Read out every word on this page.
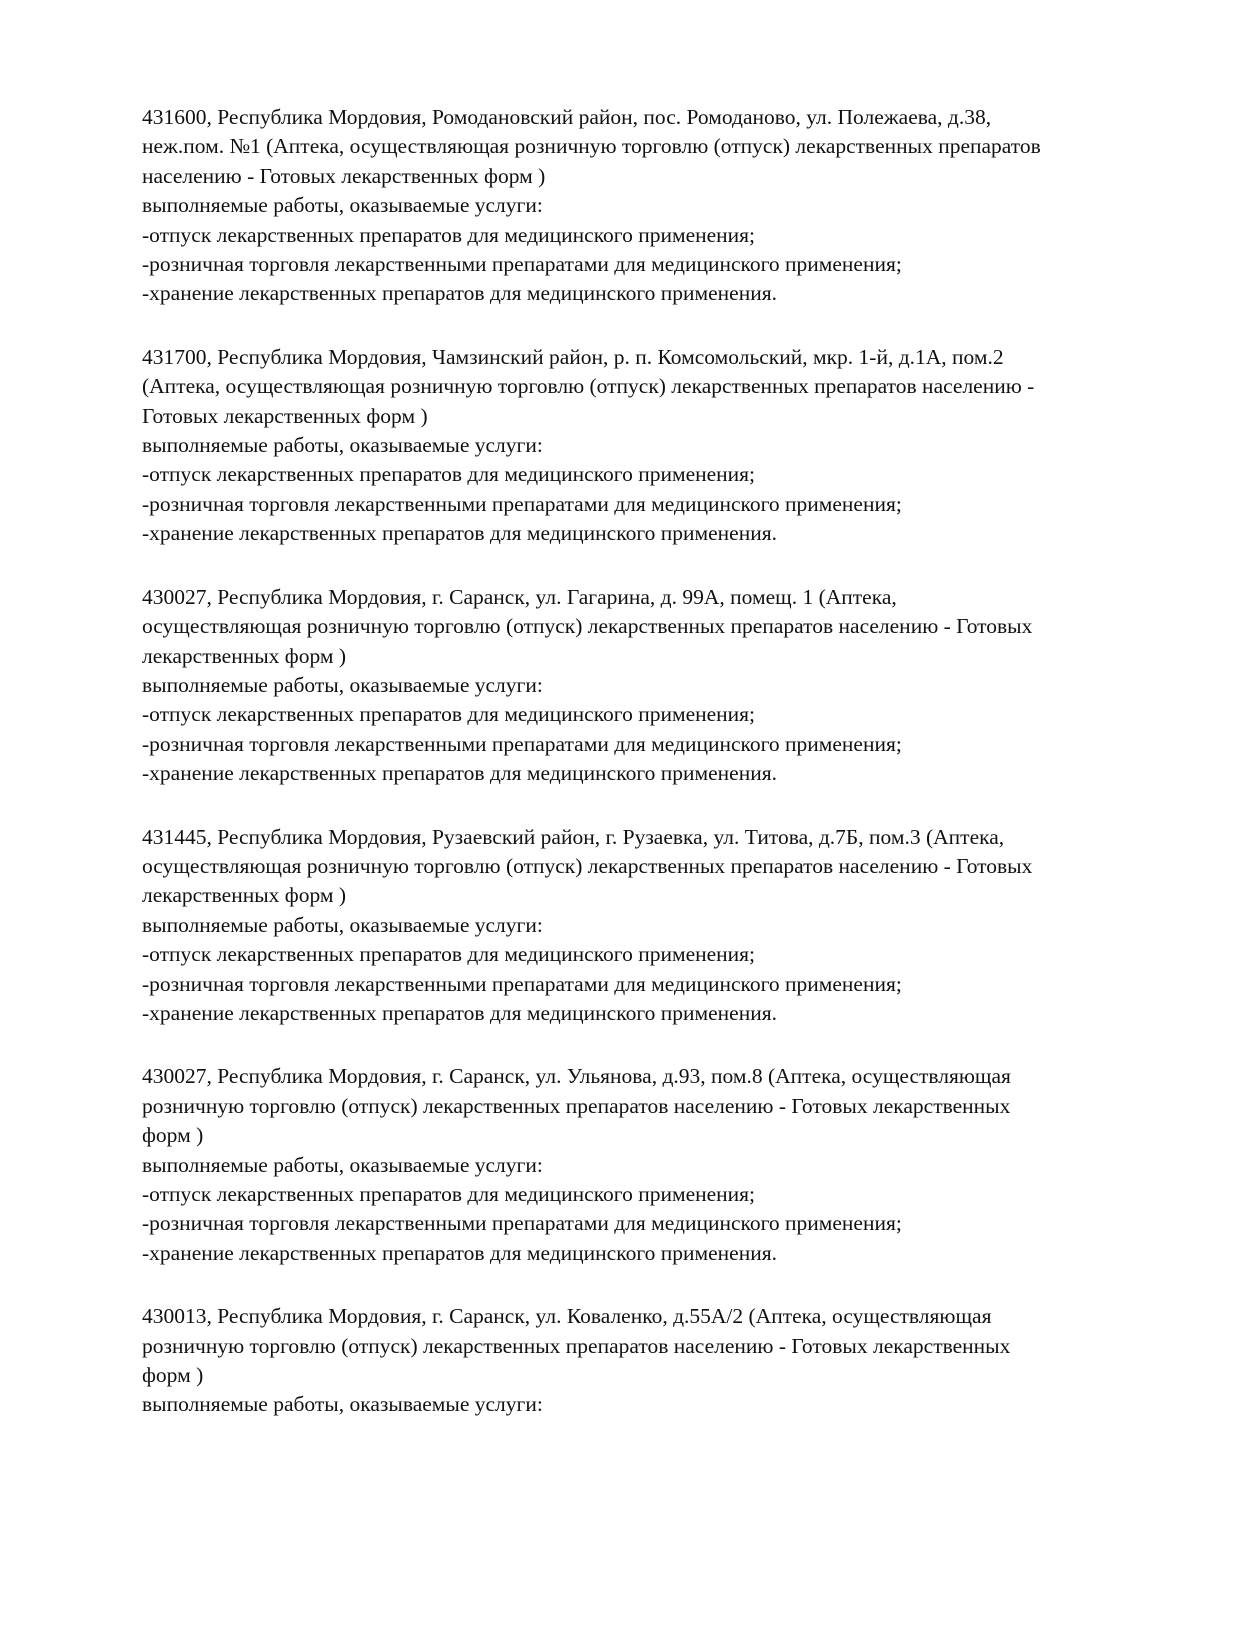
431600, Республика Мордовия, Ромодановский район, пос. Ромоданово, ул. Полежаева, д.38,
неж.пом. №1 (Аптека, осуществляющая розничную торговлю (отпуск) лекарственных препаратов
населению - Готовых лекарственных форм )
выполняемые работы, оказываемые услуги:
-отпуск лекарственных препаратов для медицинского применения;
-розничная торговля лекарственными препаратами для медицинского применения;
-хранение лекарственных препаратов для медицинского применения.
431700, Республика Мордовия, Чамзинский район, р. п. Комсомольский, мкр. 1-й, д.1А, пом.2
(Аптека, осуществляющая розничную торговлю (отпуск) лекарственных препаратов населению -
Готовых лекарственных форм )
выполняемые работы, оказываемые услуги:
-отпуск лекарственных препаратов для медицинского применения;
-розничная торговля лекарственными препаратами для медицинского применения;
-хранение лекарственных препаратов для медицинского применения.
430027, Республика Мордовия, г. Саранск, ул. Гагарина, д. 99А, помещ. 1 (Аптека,
осуществляющая розничную торговлю (отпуск) лекарственных препаратов населению - Готовых
лекарственных форм )
выполняемые работы, оказываемые услуги:
-отпуск лекарственных препаратов для медицинского применения;
-розничная торговля лекарственными препаратами для медицинского применения;
-хранение лекарственных препаратов для медицинского применения.
431445, Республика Мордовия, Рузаевский район, г. Рузаевка, ул. Титова, д.7Б, пом.3 (Аптека,
осуществляющая розничную торговлю (отпуск) лекарственных препаратов населению - Готовых
лекарственных форм )
выполняемые работы, оказываемые услуги:
-отпуск лекарственных препаратов для медицинского применения;
-розничная торговля лекарственными препаратами для медицинского применения;
-хранение лекарственных препаратов для медицинского применения.
430027, Республика Мордовия, г. Саранск, ул. Ульянова, д.93, пом.8 (Аптека, осуществляющая
розничную торговлю (отпуск) лекарственных препаратов населению - Готовых лекарственных
форм )
выполняемые работы, оказываемые услуги:
-отпуск лекарственных препаратов для медицинского применения;
-розничная торговля лекарственными препаратами для медицинского применения;
-хранение лекарственных препаратов для медицинского применения.
430013, Республика Мордовия, г. Саранск, ул. Коваленко, д.55А/2 (Аптека, осуществляющая
розничную торговлю (отпуск) лекарственных препаратов населению - Готовых лекарственных
форм )
выполняемые работы, оказываемые услуги:
